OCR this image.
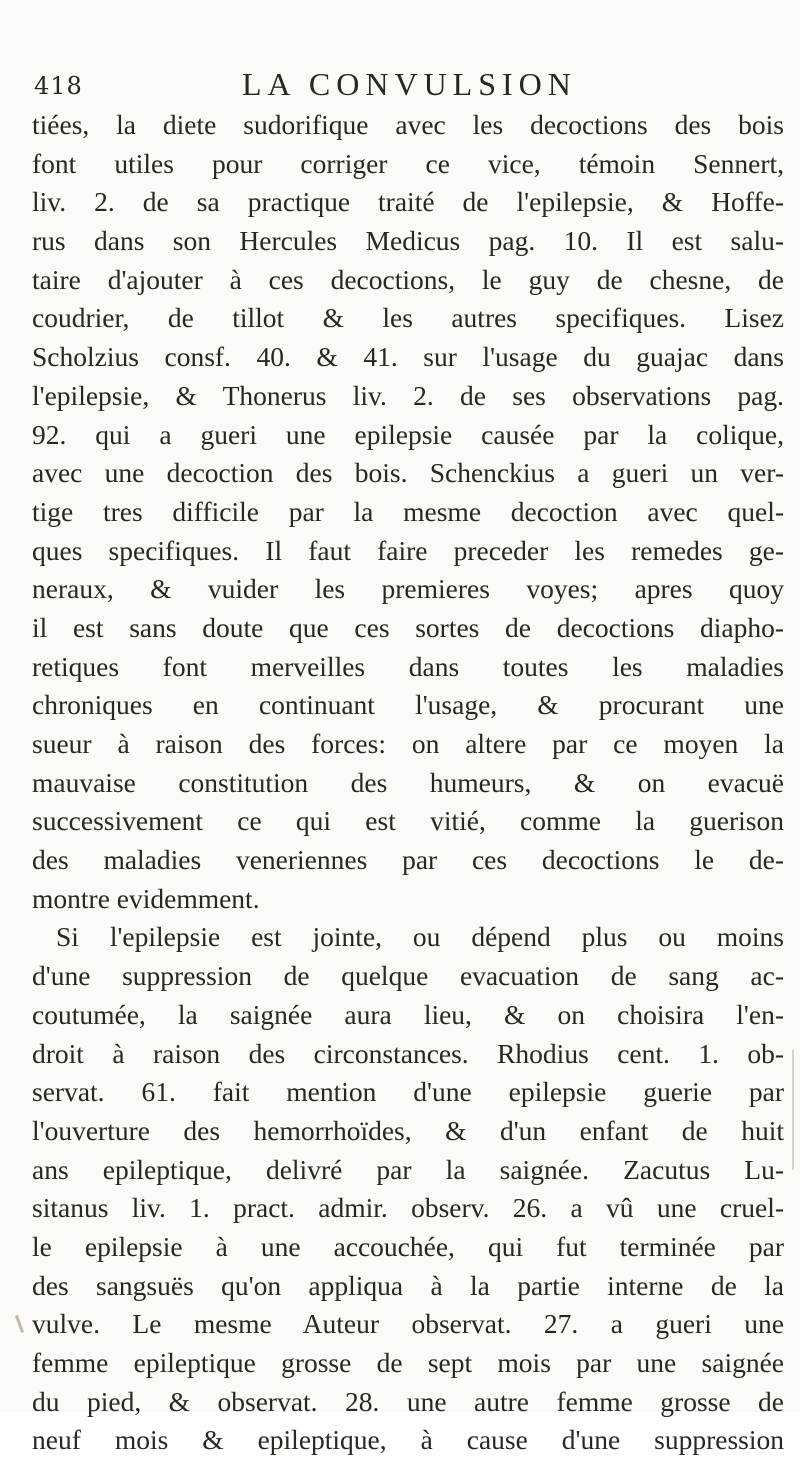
418	LA CONVULSION
tiées, la diete sudorifique avec les decoctions des bois
font utiles pour corriger ce vice, témoin Sennert,
liv. 2. de sa practique traité de l'epilepsie, & Hoffe-
rus dans son Hercules Medicus pag. 10. Il est salu-
taire d'ajouter à ces decoctions, le guy de chesne, de
coudrier, de tillot & les autres specifiques. Lisez
Scholzius consf. 40. & 41. sur l'usage du guajac dans
l'epilepsie, & Thonerus liv. 2. de ses observations pag.
92. qui a gueri une epilepsie causée par la colique,
avec une decoction des bois. Schenckius a gueri un ver-
tige tres difficile par la mesme decoction avec quel-
ques specifiques. Il faut faire preceder les remedes ge-
neraux, & vuider les premieres voyes; apres quoy
il est sans doute que ces sortes de decoctions diapho-
retiques font merveilles dans toutes les maladies
chroniques en continuant l'usage, & procurant une
sueur à raison des forces: on altere par ce moyen la
mauvaise constitution des humeurs, & on evacuë
successivement ce qui est vitié, comme la guerison
des maladies veneriennes par ces decoctions le de-
montre evidemment.
Si l'epilepsie est jointe, ou dépend plus ou moins
d'une suppression de quelque evacuation de sang ac-
coutumée, la saignée aura lieu, & on choisira l'en-
droit à raison des circonstances. Rhodius cent. 1. ob-
servat. 61. fait mention d'une epilepsie guerie par
l'ouverture des hemorrhoïdes, & d'un enfant de huit
ans epileptique, delivré par la saignée. Zacutus Lu-
sitanus liv. 1. pract. admir. observ. 26. a vû une cruel-
le epilepsie à une accouchée, qui fut terminée par
des sangsuës qu'on appliqua à la partie interne de la
vulve. Le mesme Auteur observat. 27. a gueri une
femme epileptique grosse de sept mois par une saignée
du pied, & observat. 28. une autre femme grosse de
neuf mois & epileptique, à cause d'une suppression
